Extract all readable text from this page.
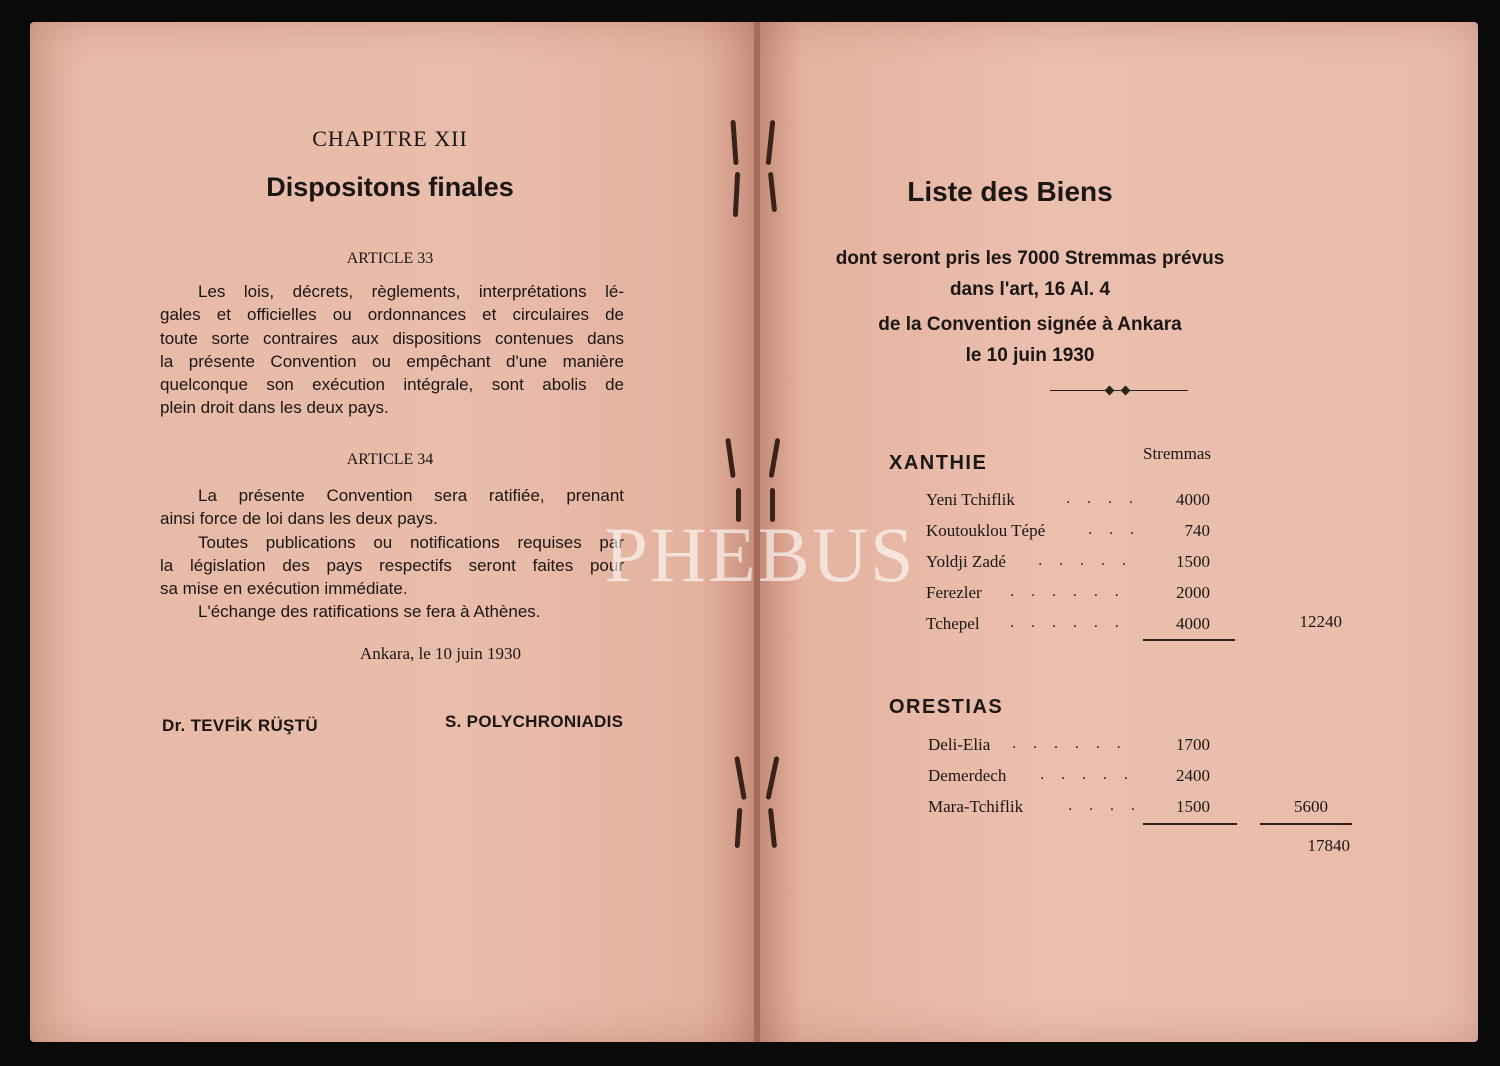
CHAPITRE XII
Dispositons finales
ARTICLE 33

Les lois, décrets, règlements, interprétations lé-

gales et officielles ou ordonnances et circulaires de

toute sorte contraires aux dispositions contenues dans

la présente Convention ou empêchant d'une manière

quelconque son exécution intégrale, sont abolis de

plein droit dans les deux pays.

ARTICLE 34

La présente Convention sera ratifiée, prenant

ainsi force de loi dans les deux pays.

Toutes publications ou notifications requises par

la législation des pays respectifs seront faites pour

sa mise en exécution immédiate.

L'échange des ratifications se fera à Athènes.

Ankara, le 10 juin 1930
Dr. TEVFİK RÜŞTÜ	S. POLYCHRONIADIS
Liste des Biens
dont seront pris les 7000 Stremmas prévus
dans l'art, 16 Al. 4
de la Convention signée à Ankara
le 10 juin 1930
Stremmas
XANTHIE
Yeni Tchiflik	. . . . 4000
Koutouklou Tépé	. . .	740
Yoldji Zadé . . . . .	1500
Ferezler . . . . . .	2000
Tchepel . . . . . .	4000	12240
ORESTIAS
Deli-Elia . . . . . .	1700
Demerdech . . . . . 2400
Mara-Tchiflik	. . . . 1500	5600
17840
PHEBUS
